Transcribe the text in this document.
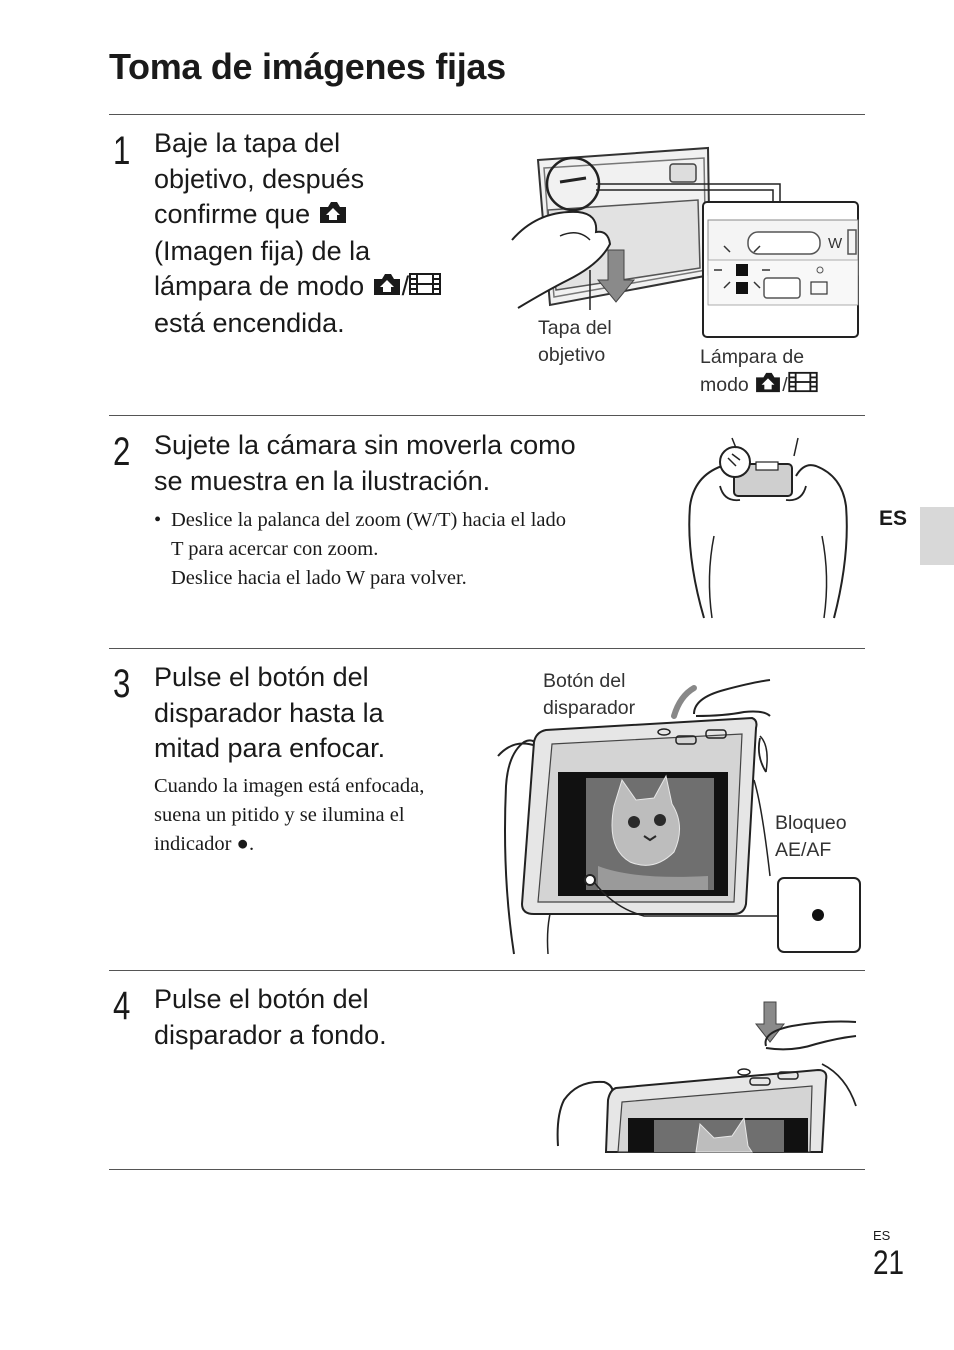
Toma de imágenes fijas
1 Baje la tapa del
objetivo, después
confirme que
(Imagen fija) de la
lámpara de modo /
está encendida.
W
Tapa del
objetivo	Lámpara de
modo /
2 Sujete la cámara sin moverla como
se muestra en la ilustración.
• Deslice la palanca del zoom (W/T) hacia el lado
T para acercar con zoom.
Deslice hacia el lado W para volver.
ES
3 Pulse el botón del
disparador hasta la
mitad para enfocar.
Cuando la imagen está enfocada,
suena un pitido y se ilumina el
indicador ●.
Botón del
disparador
Bloqueo
AE/AF
4 Pulse el botón del
disparador a fondo.
ES
21
